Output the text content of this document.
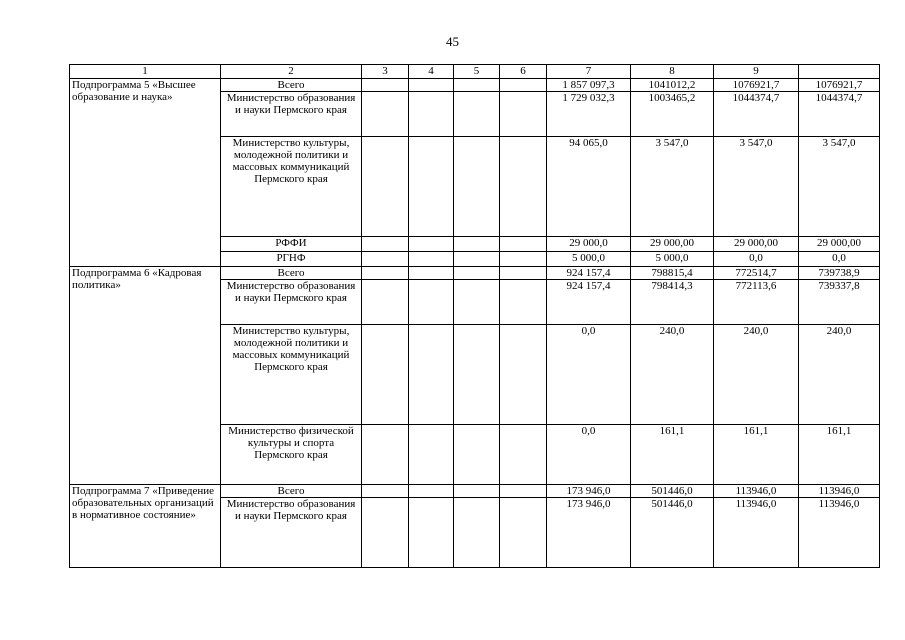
45
1	2	3	4	5	6	7	8	9	
Подпрограмма 5 «Высшее образование и наука»	Всего					1 857 097,3	1041012,2	1076921,7	1076921,7
	Министерство образования и науки Пермского края					1 729 032,3	1003465,2	1044374,7	1044374,7
	Министерство культуры, молодежной политики и массовых коммуникаций Пермского края					94 065,0	3 547,0	3 547,0	3 547,0
	РФФИ					29 000,0	29 000,00	29 000,00	29 000,00
	РГНФ					5 000,0	5 000,0	0,0	0,0
Подпрограмма 6 «Кадровая политика»	Всего					924 157,4	798815,4	772514,7	739738,9
	Министерство образования и науки Пермского края					924 157,4	798414,3	772113,6	739337,8
	Министерство культуры, молодежной политики и массовых коммуникаций Пермского края					0,0	240,0	240,0	240,0
	Министерство физической культуры и спорта Пермского края					0,0	161,1	161,1	161,1
Подпрограмма 7 «Приведение образовательных организаций в нормативное состояние»	Всего					173 946,0	501446,0	113946,0	113946,0
	Министерство образования и науки Пермского края					173 946,0	501446,0	113946,0	113946,0
